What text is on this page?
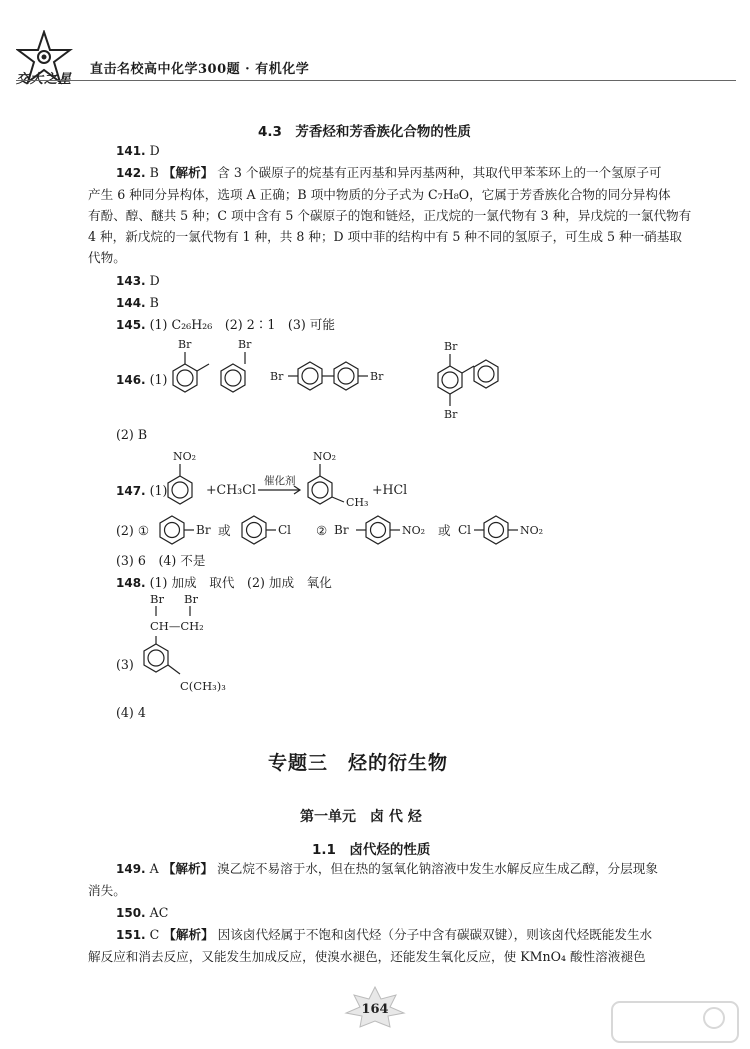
交大之星
直击名校高中化学300题 · 有机化学
4.3　芳香烃和芳香族化合物的性质
141. D
142. B 【解析】 含 3 个碳原子的烷基有正丙基和异丙基两种，其取代甲苯苯环上的一个氢原子可
产生 6 种同分异构体，选项 A 正确；B 项中物质的分子式为 C₇H₈O，它属于芳香族化合物的同分异构体
有酚、醇、醚共 5 种；C 项中含有 5 个碳原子的饱和链烃，正戊烷的一氯代物有 3 种，异戊烷的一氯代物有
4 种，新戊烷的一氯代物有 1 种，共 8 种；D 项中菲的结构中有 5 种不同的氢原子，可生成 5 种一硝基取
代物。
143. D
144. B
145. (1) C₂₆H₂₆　(2) 2∶1　(3) 可能
146. (1)
Br	Br
Br	Br
Br
Br
(2) B
147. (1)
NO₂
+CH₃Cl
催化剂
NO₂
CH₃
+HCl
(2) ①	Br 或	Cl ② Br	NO₂ 或 Cl	NO₂
(3) 6　(4) 不是
148. (1) 加成　取代　(2) 加成　氧化
Br Br
CH—CH₂
C(CH₃)₃
(3)
(4) 4
专题三　烃的衍生物
第一单元　卤 代 烃
1.1　卤代烃的性质
149. A 【解析】 溴乙烷不易溶于水，但在热的氢氧化钠溶液中发生水解反应生成乙醇，分层现象
消失。
150. AC
151. C 【解析】 因该卤代烃属于不饱和卤代烃（分子中含有碳碳双键），则该卤代烃既能发生水
解反应和消去反应，又能发生加成反应，使溴水褪色，还能发生氧化反应，使 KMnO₄ 酸性溶液褪色
164
